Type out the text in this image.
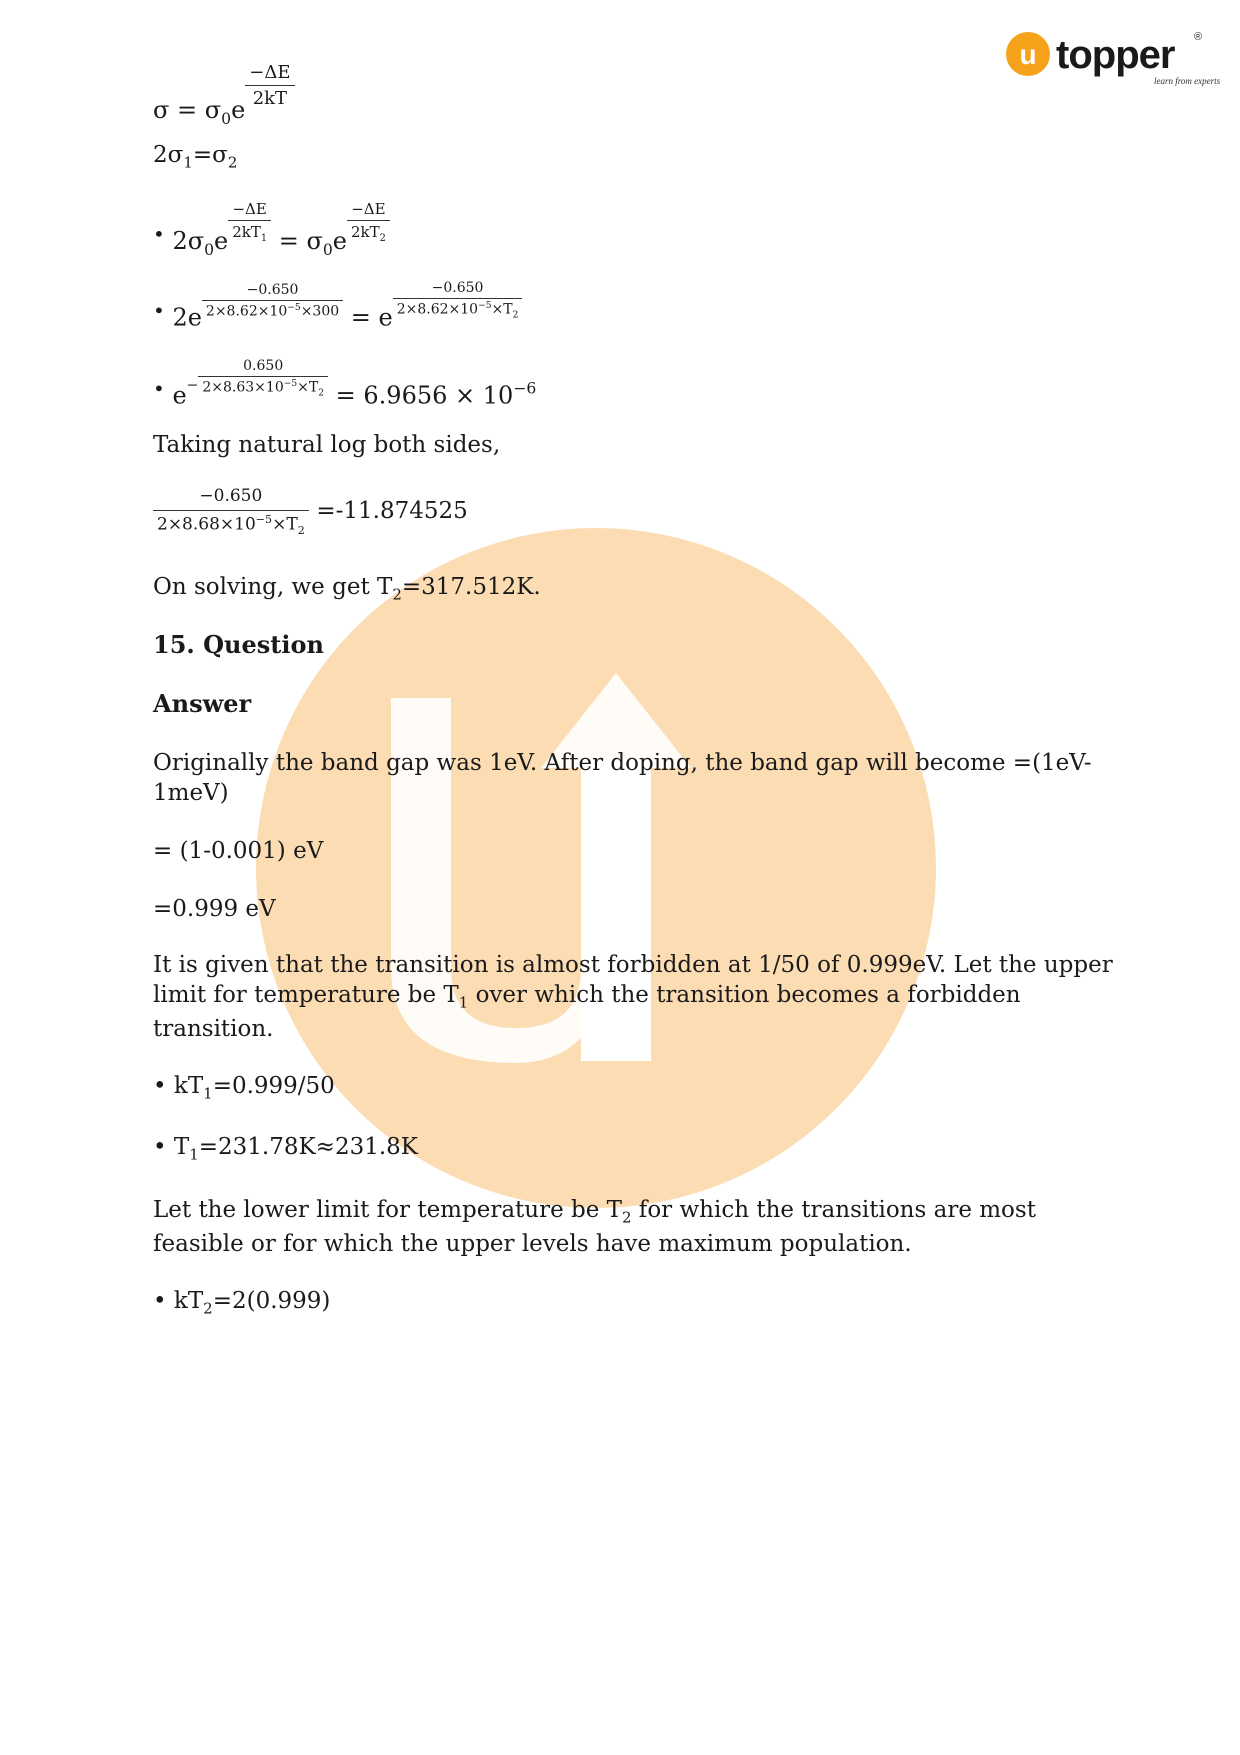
u topper
learn from experts
®
$\sigma = \sigma_0e$
$\frac{-\Delta E}{2kT}$
$2\sigma_1=\sigma_2$
• $2\sigma_0e \frac{-\Delta E}{2kT_1} = \sigma_0e \frac{-\Delta E}{2kT_2}$
• $2e \frac{-0.650}{2\times 8.62\times 10^{-5}\times 300} = e \frac{-0.650}{2\times 8.62\times 10^{-5}\times T_2}$
• $e^- \frac{0.650}{2\times 8.63\times 10^{-5}\times T_2} = 6.9656 \times 10^{-6}$
Taking natural log both sides,
$\frac{-0.650}{2\times 8.68\times 10^{-5}\times T_2} =-11.874525$
On solving, we get $T_2=317.512K$.
15. Question
Answer
Originally the band gap was 1eV. After doping, the band gap will become =(1eV-
1meV)
= (1-0.001) eV
=0.999 eV
It is given that the transition is almost forbidden at 1/50 of 0.999eV. Let the upper
limit for temperature be $T_1$ over which the transition becomes a forbidden
transition.
• $kT_1=0.999/50$
• $T_1=231.78K\approx 231.8K$
Let the lower limit for temperature be $T_2$ for which the transitions are most
feasible or for which the upper levels have maximum population.
• $kT_2=2(0.999)$
